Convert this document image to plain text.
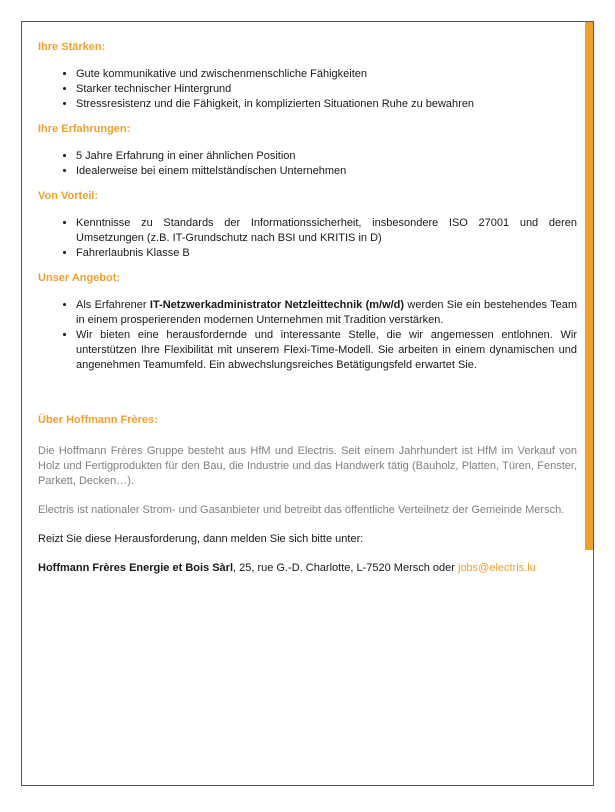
Ihre Stärken:
• Gute kommunikative und zwischenmenschliche Fähigkeiten
• Starker technischer Hintergrund
• Stressresistenz und die Fähigkeit, in komplizierten Situationen Ruhe zu bewahren
Ihre Erfahrungen:
• 5 Jahre Erfahrung in einer ähnlichen Position
• Idealerweise bei einem mittelständischen Unternehmen
Von Vorteil:
• Kenntnisse zu Standards der Informationssicherheit, insbesondere ISO 27001 und deren Umsetzungen (z.B. IT-Grundschutz nach BSI und KRITIS in D)
• Fahrerlaubnis Klasse B
Unser Angebot:
• Als Erfahrener IT-Netzwerkadministrator Netzleittechnik (m/w/d) werden Sie ein bestehendes Team in einem prosperierenden modernen Unternehmen mit Tradition verstärken.
• Wir bieten eine herausfordernde und interessante Stelle, die wir angemessen entlohnen. Wir unterstützen Ihre Flexibilität mit unserem Flexi-Time-Modell. Sie arbeiten in einem dynamischen und angenehmen Teamumfeld. Ein abwechslungsreiches Betätigungsfeld erwartet Sie.
Über Hoffmann Frères:

Die Hoffmann Frères Gruppe besteht aus HfM und Electris. Seit einem Jahrhundert ist HfM im Verkauf von Holz und Fertigprodukten für den Bau, die Industrie und das Handwerk tätig (Bauholz, Platten, Türen, Fenster, Parkett, Decken…).

Electris ist nationaler Strom- und Gasanbieter und betreibt das öffentliche Verteilnetz der Gemeinde Mersch.

Reizt Sie diese Herausforderung, dann melden Sie sich bitte unter:

Hoffmann Frères Energie et Bois Sàrl, 25, rue G.-D. Charlotte, L-7520 Mersch oder jobs@electris.lu
